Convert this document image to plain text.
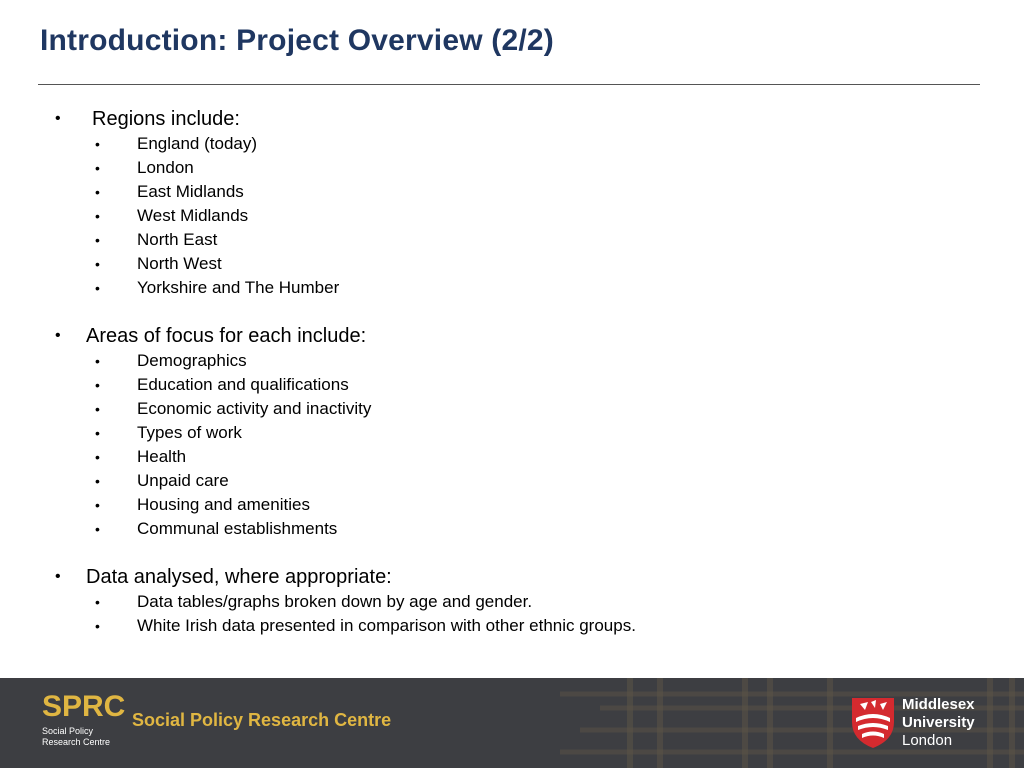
Introduction: Project Overview (2/2)
• Regions include:
• England (today)
• London
• East Midlands
• West Midlands
• North East
• North West
• Yorkshire and The Humber
• Areas of focus for each include:
• Demographics
• Education and qualifications
• Economic activity and inactivity
• Types of work
• Health
• Unpaid care
• Housing and amenities
• Communal establishments
• Data analysed, where appropriate:
• Data tables/graphs broken down by age and gender.
• White Irish data presented in comparison with other ethnic groups.
SPRC
Social Policy
Research Centre
Social Policy Research Centre
Middlesex
University
London
